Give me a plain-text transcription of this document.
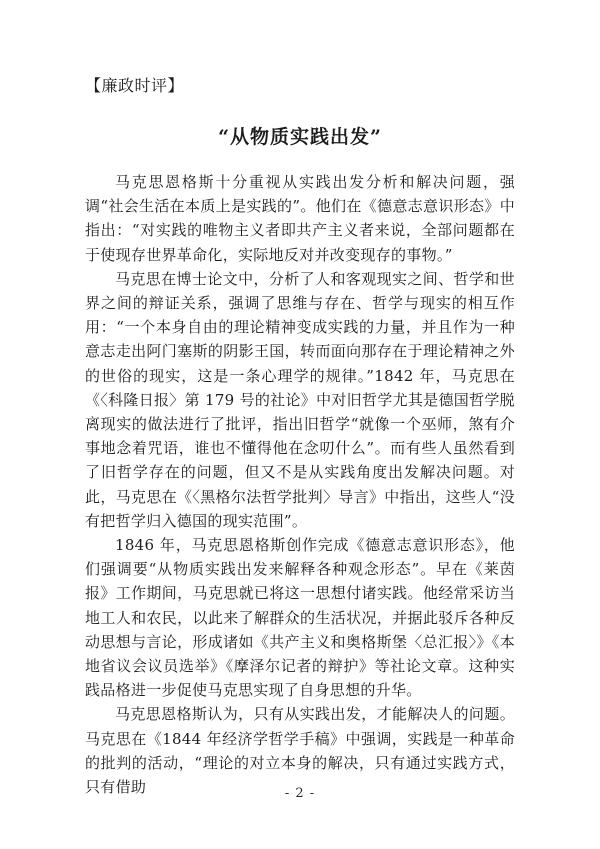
【廉政时评】
“从物质实践出发”

马克思恩格斯十分重视从实践出发分析和解决问题，强调“社会生活在本质上是实践的”。他们在《德意志意识形态》中指出：“对实践的唯物主义者即共产主义者来说，全部问题都在于使现存世界革命化，实际地反对并改变现存的事物。”

马克思在博士论文中，分析了人和客观现实之间、哲学和世界之间的辩证关系，强调了思维与存在、哲学与现实的相互作用：“一个本身自由的理论精神变成实践的力量，并且作为一种意志走出阿门塞斯的阴影王国，转而面向那存在于理论精神之外的世俗的现实，这是一条心理学的规律。”1842 年，马克思在《〈科隆日报〉第 179 号的社论》中对旧哲学尤其是德国哲学脱离现实的做法进行了批评，指出旧哲学“就像一个巫师，煞有介事地念着咒语，谁也不懂得他在念叨什么”。而有些人虽然看到了旧哲学存在的问题，但又不是从实践角度出发解决问题。对此，马克思在《〈黑格尔法哲学批判〉导言》中指出，这些人“没有把哲学归入德国的现实范围”。

1846 年，马克思恩格斯创作完成《德意志意识形态》，他们强调要“从物质实践出发来解释各种观念形态”。早在《莱茵报》工作期间，马克思就已将这一思想付诸实践。他经常采访当地工人和农民，以此来了解群众的生活状况，并据此驳斥各种反动思想与言论，形成诸如《共产主义和奥格斯堡〈总汇报〉》《本地省议会议员选举》《摩泽尔记者的辩护》等社论文章。这种实践品格进一步促使马克思实现了自身思想的升华。

马克思恩格斯认为，只有从实践出发，才能解决人的问题。马克思在《1844 年经济学哲学手稿》中强调，实践是一种革命的批判的活动，“理论的对立本身的解决，只有通过实践方式，只有借助	- 2 -
